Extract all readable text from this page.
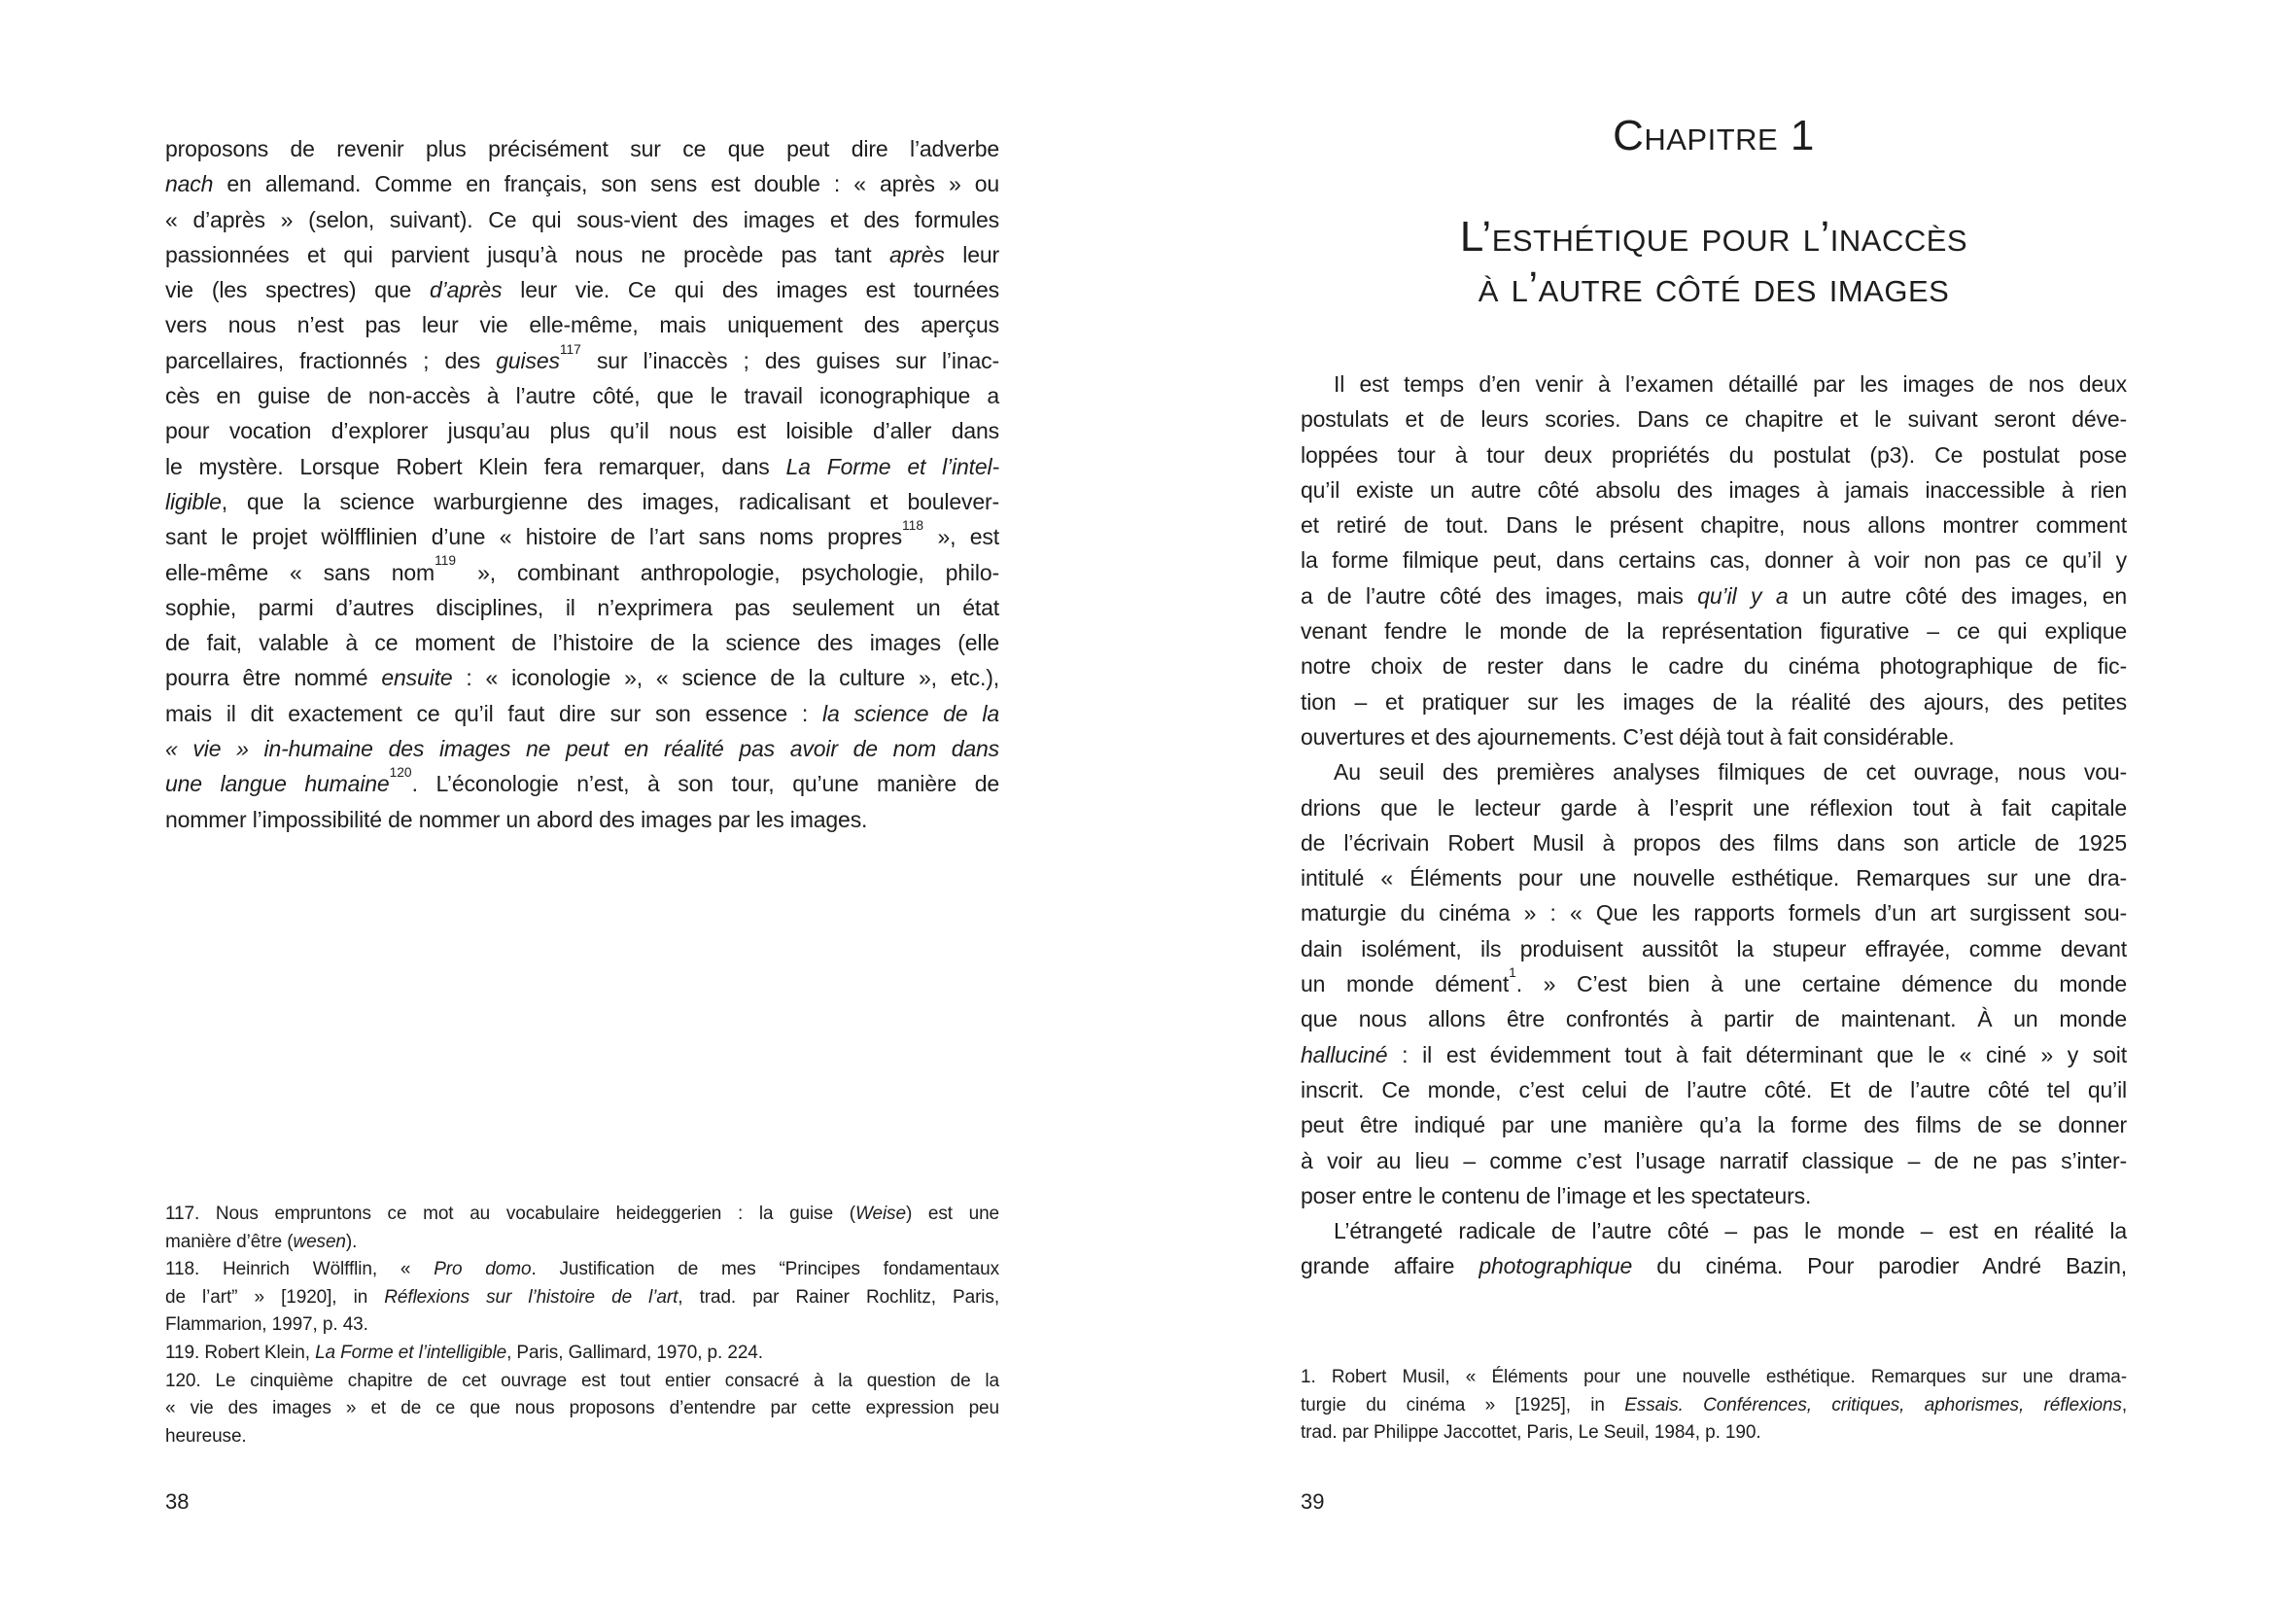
proposons de revenir plus précisément sur ce que peut dire l’adverbe
nach en allemand. Comme en français, son sens est double : « après » ou
« d’après » (selon, suivant). Ce qui sous-vient des images et des formules
passionnées et qui parvient jusqu’à nous ne procède pas tant après leur
vie (les spectres) que d’après leur vie. Ce qui des images est tournées
vers nous n’est pas leur vie elle-même, mais uniquement des aperçus
parcellaires, fractionnés ; des guises$^{117}$ sur l’inaccès ; des guises sur l’inac-
cès en guise de non-accès à l’autre côté, que le travail iconographique a
pour vocation d’explorer jusqu’au plus qu’il nous est loisible d’aller dans
le mystère. Lorsque Robert Klein fera remarquer, dans La Forme et l’intel-
ligible, que la science warburgienne des images, radicalisant et boulever-
sant le projet wölfflinien d’une « histoire de l’art sans noms propres$^{118}$ », est
elle-même « sans nom$^{119}$ », combinant anthropologie, psychologie, philo-
sophie, parmi d’autres disciplines, il n’exprimera pas seulement un état
de fait, valable à ce moment de l’histoire de la science des images (elle
pourra être nommé ensuite : « iconologie », « science de la culture », etc.),
mais il dit exactement ce qu’il faut dire sur son essence : la science de la
« vie » in-humaine des images ne peut en réalité pas avoir de nom dans
une langue humaine$^{120}$. L’éconologie n’est, à son tour, qu’une manière de
nommer l’impossibilité de nommer un abord des images par les images.
117. Nous empruntons ce mot au vocabulaire heideggerien : la guise (Weise) est une
manière d’être (wesen).
118. Heinrich Wölfflin, « Pro domo. Justification de mes “Principes fondamentaux
de l’art” » [1920], in Réflexions sur l’histoire de l’art, trad. par Rainer Rochlitz, Paris,
Flammarion, 1997, p. 43.
119. Robert Klein, La Forme et l’intelligible, Paris, Gallimard, 1970, p. 224.
120. Le cinquième chapitre de cet ouvrage est tout entier consacré à la question de la
« vie des images » et de ce que nous proposons d’entendre par cette expression peu
heureuse.
38
Chapitre 1
L’esthétique pour l’inaccès
à l’autre côté des images
Il est temps d’en venir à l’examen détaillé par les images de nos deux
postulats et de leurs scories. Dans ce chapitre et le suivant seront déve-
loppées tour à tour deux propriétés du postulat (p3). Ce postulat pose
qu’il existe un autre côté absolu des images à jamais inaccessible à rien
et retiré de tout. Dans le présent chapitre, nous allons montrer comment
la forme filmique peut, dans certains cas, donner à voir non pas ce qu’il y
a de l’autre côté des images, mais qu’il y a un autre côté des images, en
venant fendre le monde de la représentation figurative – ce qui explique
notre choix de rester dans le cadre du cinéma photographique de fic-
tion – et pratiquer sur les images de la réalité des ajours, des petites
ouvertures et des ajournements. C’est déjà tout à fait considérable.
Au seuil des premières analyses filmiques de cet ouvrage, nous vou-
drions que le lecteur garde à l’esprit une réflexion tout à fait capitale
de l’écrivain Robert Musil à propos des films dans son article de 1925
intitulé « Éléments pour une nouvelle esthétique. Remarques sur une dra-
maturgie du cinéma » : « Que les rapports formels d’un art surgissent sou-
dain isolément, ils produisent aussitôt la stupeur effrayée, comme devant
un monde dément$^1$. » C’est bien à une certaine démence du monde
que nous allons être confrontés à partir de maintenant. À un monde
halluciné : il est évidemment tout à fait déterminant que le « ciné » y soit
inscrit. Ce monde, c’est celui de l’autre côté. Et de l’autre côté tel qu’il
peut être indiqué par une manière qu’a la forme des films de se donner
à voir au lieu – comme c’est l’usage narratif classique – de ne pas s’inter-
poser entre le contenu de l’image et les spectateurs.
L’étrangeté radicale de l’autre côté – pas le monde – est en réalité la
grande affaire photographique du cinéma. Pour parodier André Bazin,
1. Robert Musil, « Éléments pour une nouvelle esthétique. Remarques sur une drama-
turgie du cinéma » [1925], in Essais. Conférences, critiques, aphorismes, réflexions,
trad. par Philippe Jaccottet, Paris, Le Seuil, 1984, p. 190.
39
